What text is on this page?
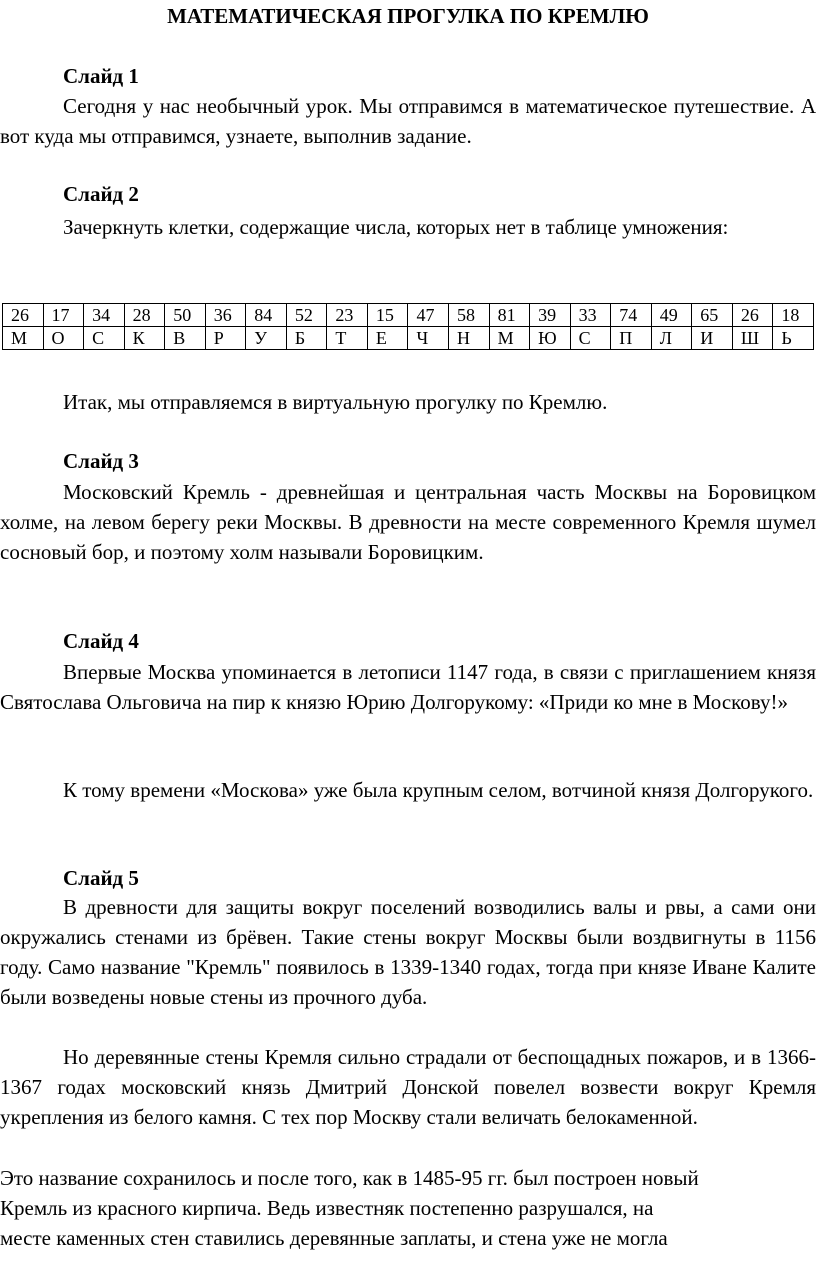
МАТЕМАТИЧЕСКАЯ ПРОГУЛКА ПО КРЕМЛЮ
Слайд 1
Сегодня у нас необычный урок. Мы отправимся в математическое путешествие. А вот куда мы отправимся, узнаете, выполнив задание.
Слайд 2
Зачеркнуть клетки, содержащие числа, которых нет в таблице умножения:
26	17	34	28	50	36	84	52	23	15	47	58	81	39	33	74	49	65	26	18
М	О	С	К	В	Р	У	Б	Т	Е	Ч	Н	М	Ю	С	П	Л	И	Ш	Ь
Итак, мы отправляемся в виртуальную прогулку по Кремлю.
Слайд 3
Московский Кремль - древнейшая и центральная часть Москвы на Боровицком холме, на левом берегу реки Москвы. В древности на месте современного Кремля шумел сосновый бор, и поэтому холм называли Боровицким.
Слайд 4
Впервые Москва упоминается в летописи 1147 года, в связи с приглашением князя Святослава Ольговича на пир к князю Юрию Долгорукому: «Приди ко мне в Москову!»
К тому времени «Москова» уже была крупным селом, вотчиной князя Долгорукого.
Слайд 5
В древности для защиты вокруг поселений возводились валы и рвы, а сами они окружались стенами из брёвен. Такие стены вокруг Москвы были воздвигнуты в 1156 году. Само название "Кремль" появилось в 1339-1340 годах, тогда при князе Иване Калите были возведены новые стены из прочного дуба.
Но деревянные стены Кремля сильно страдали от беспощадных пожаров, и в 1366-1367 годах московский князь Дмитрий Донской повелел возвести вокруг Кремля укрепления из белого камня. С тех пор Москву стали величать белокаменной.
Это название сохранилось и после того, как в 1485-95 гг. был построен новый
Кремль из красного кирпича. Ведь известняк постепенно разрушался, на
месте каменных стен ставились деревянные заплаты, и стена уже не могла
